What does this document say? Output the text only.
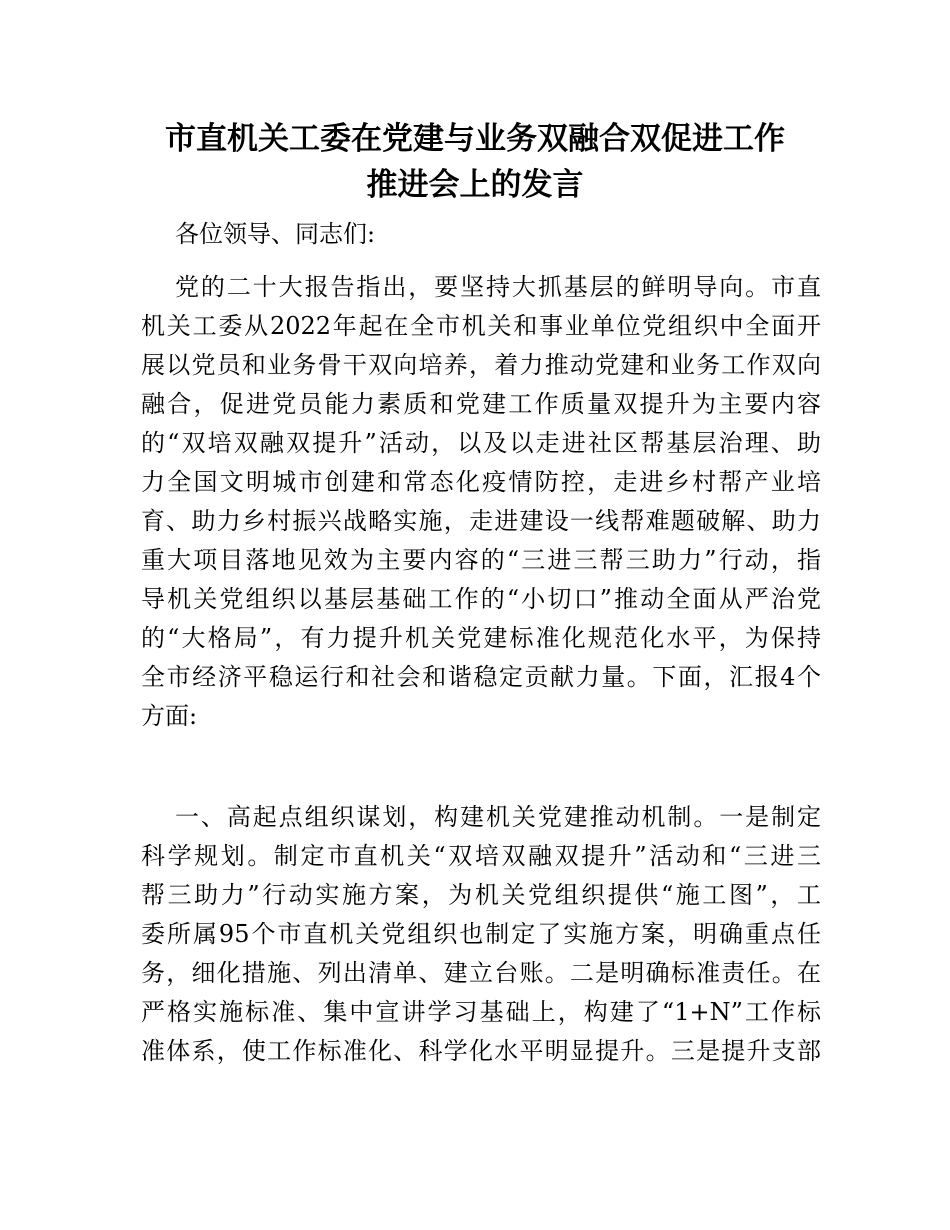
市直机关工委在党建与业务双融合双促进工作
推进会上的发言
各位领导、同志们:
党的二十大报告指出，要坚持大抓基层的鲜明导向。市直
机关工委从2022年起在全市机关和事业单位党组织中全面开
展以党员和业务骨干双向培养，着力推动党建和业务工作双向
融合，促进党员能力素质和党建工作质量双提升为主要内容
的“双培双融双提升”活动，以及以走进社区帮基层治理、助
力全国文明城市创建和常态化疫情防控，走进乡村帮产业培
育、助力乡村振兴战略实施，走进建设一线帮难题破解、助力
重大项目落地见效为主要内容的“三进三帮三助力”行动，指
导机关党组织以基层基础工作的“小切口”推动全面从严治党
的“大格局”，有力提升机关党建标准化规范化水平，为保持
全市经济平稳运行和社会和谐稳定贡献力量。下面，汇报4个
方面:
一、高起点组织谋划，构建机关党建推动机制。一是制定
科学规划。制定市直机关“双培双融双提升”活动和“三进三
帮三助力”行动实施方案，为机关党组织提供“施工图”，工
委所属95个市直机关党组织也制定了实施方案，明确重点任
务，细化措施、列出清单、建立台账。二是明确标准责任。在
严格实施标准、集中宣讲学习基础上，构建了“1+N”工作标
准体系，使工作标准化、科学化水平明显提升。三是提升支部
